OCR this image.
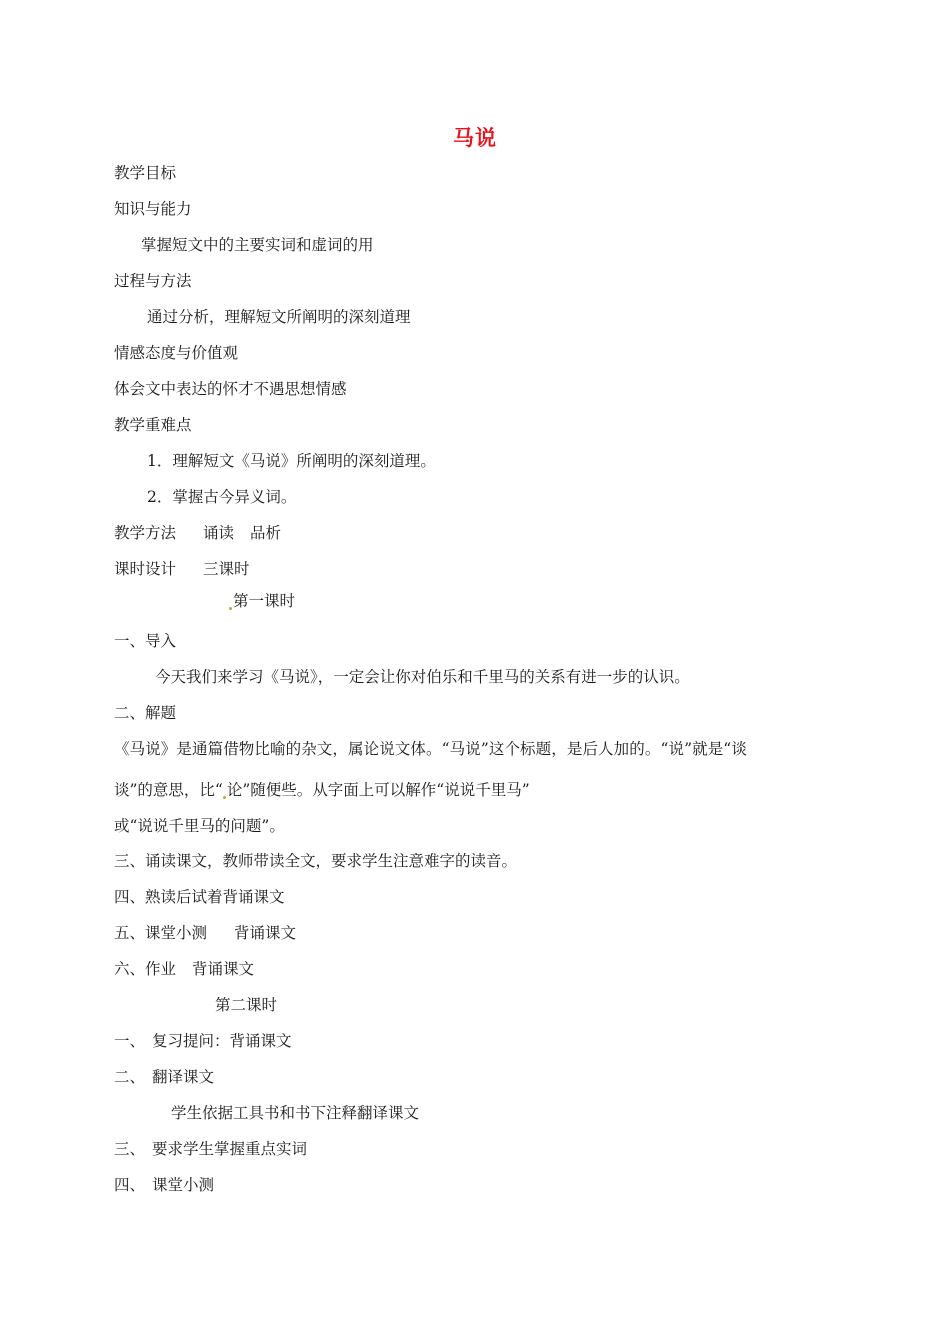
马说
教学目标
知识与能力
掌握短文中的主要实词和虚词的用
过程与方法
通过分析，理解短文所阐明的深刻道理
情感态度与价值观
体会文中表达的怀才不遇思想情感
教学重难点
1．理解短文《马说》所阐明的深刻道理。
2．掌握古今异义词。
教学方法 诵读 品析
课时设计 三课时
第一课时
一、导入
今天我们来学习《马说》，一定会让你对伯乐和千里马的关系有进一步的认识。
二、解题
《马说》是通篇借物比喻的杂文，属论说文体。“马说”这个标题，是后人加的。“说”就是“谈
谈”的意思，比“ 论”随便些。从字面上可以解作“说说千里马”
或“说说千里马的问题”。
三、诵读课文，教师带读全文，要求学生注意难字的读音。
四、熟读后试着背诵课文
五、课堂小测 背诵课文
六、作业 背诵课文
第二课时
一、 复习提问：背诵课文
二、 翻译课文
学生依据工具书和书下注释翻译课文
三、 要求学生掌握重点实词
四、 课堂小测
